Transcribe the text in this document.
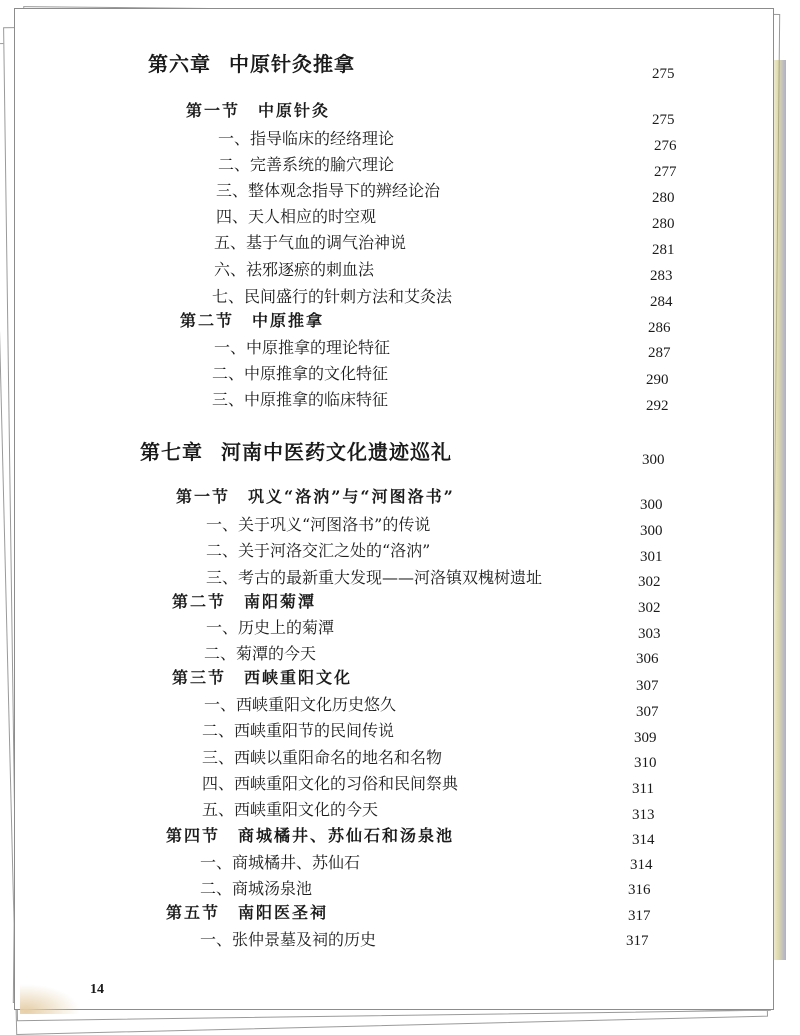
第六章 中原针灸推拿	275
第一节 中原针灸	275
一、指导临床的经络理论	276
二、完善系统的腧穴理论	277
三、整体观念指导下的辨经论治	280
四、天人相应的时空观	280
五、基于气血的调气治神说	281
六、祛邪逐瘀的刺血法	283
七、民间盛行的针刺方法和艾灸法	284
第二节 中原推拿	286
一、中原推拿的理论特征	287
二、中原推拿的文化特征	290
三、中原推拿的临床特征	292
第七章 河南中医药文化遗迹巡礼	300
第一节 巩义“洛汭”与“河图洛书”	300
一、关于巩义“河图洛书”的传说	300
二、关于河洛交汇之处的“洛汭”	301
三、考古的最新重大发现——河洛镇双槐树遗址	302
第二节 南阳菊潭	302
一、历史上的菊潭	303
二、菊潭的今天	306
第三节 西峡重阳文化	307
一、西峡重阳文化历史悠久	307
二、西峡重阳节的民间传说	309
三、西峡以重阳命名的地名和名物	310
四、西峡重阳文化的习俗和民间祭典	311
五、西峡重阳文化的今天	313
第四节 商城橘井、苏仙石和汤泉池	314
一、商城橘井、苏仙石	314
二、商城汤泉池	316
第五节 南阳医圣祠	317
一、张仲景墓及祠的历史	317
14
